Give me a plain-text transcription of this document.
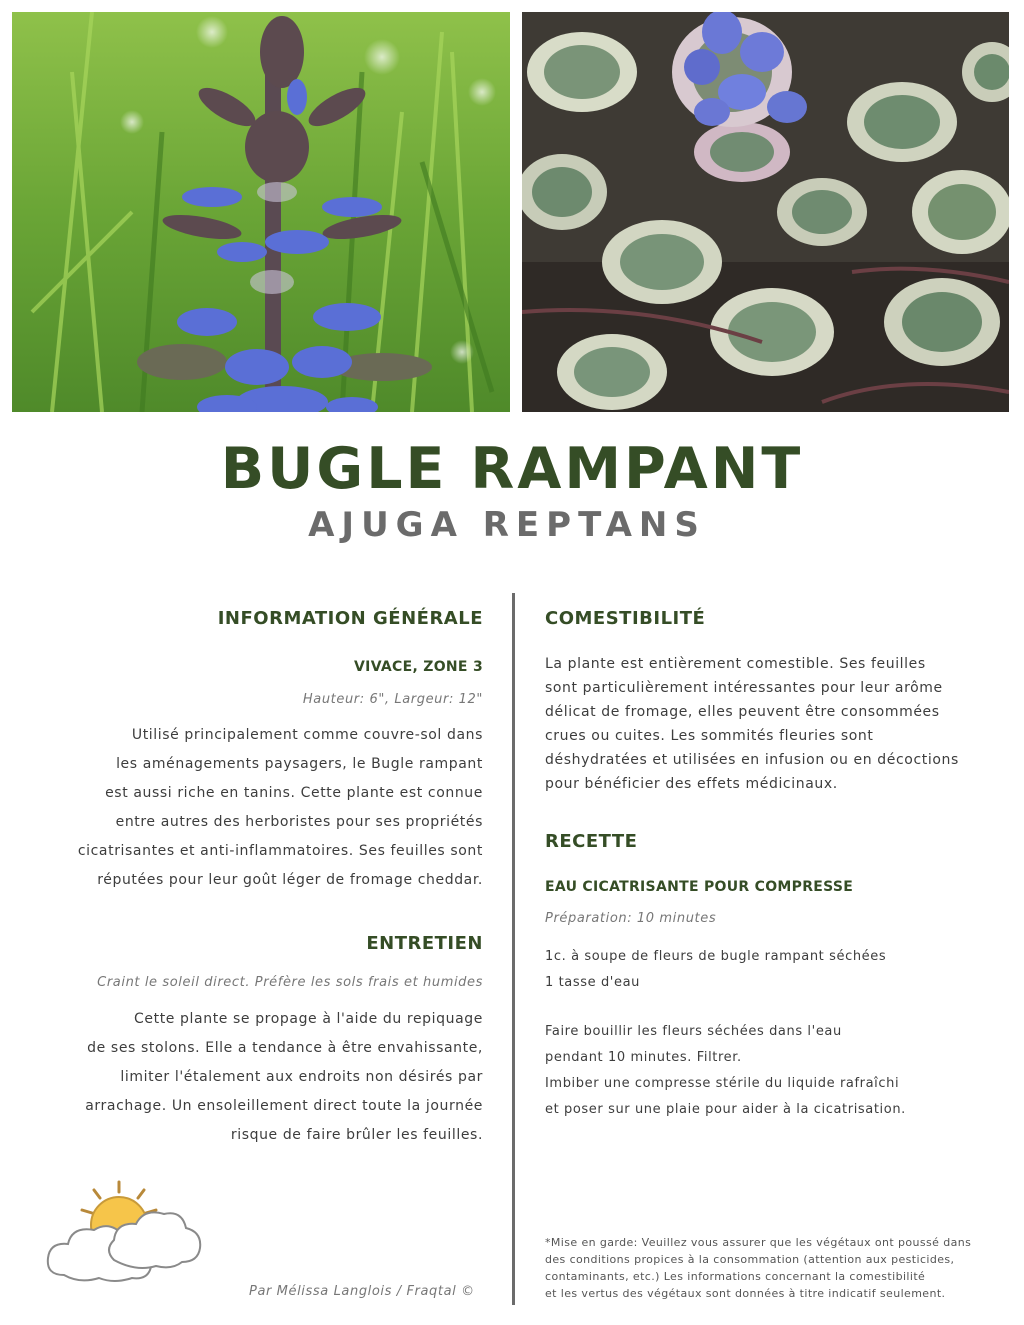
BUGLE RAMPANT
AJUGA REPTANS
INFORMATION GÉNÉRALE
VIVACE, ZONE 3
Hauteur: 6", Largeur: 12"
Utilisé principalement comme couvre-sol dans
les aménagements paysagers, le Bugle rampant
est aussi riche en tanins. Cette plante est connue
entre autres des herboristes pour ses propriétés
cicatrisantes et anti-inflammatoires. Ses feuilles sont
réputées pour leur goût léger de fromage cheddar.
ENTRETIEN
Craint le soleil direct. Préfère les sols frais et humides
Cette plante se propage à l'aide du repiquage
de ses stolons. Elle a tendance à être envahissante,
limiter l'étalement aux endroits non désirés par
arrachage. Un ensoleillement direct toute la journée
risque de faire brûler les feuilles.
Par Mélissa Langlois / Fraqtal ©
COMESTIBILITÉ
La plante est entièrement comestible. Ses feuilles
sont particulièrement intéressantes pour leur arôme
délicat de fromage, elles peuvent être consommées
crues ou cuites. Les sommités fleuries sont
déshydratées et utilisées en infusion ou en décoctions
pour bénéficier des effets médicinaux.
RECETTE
EAU CICATRISANTE POUR COMPRESSE
Préparation: 10 minutes
1c. à soupe de fleurs de bugle rampant séchées
1 tasse d'eau
Faire bouillir les fleurs séchées dans l'eau
pendant 10 minutes. Filtrer.
Imbiber une compresse stérile du liquide rafraîchi
et poser sur une plaie pour aider à la cicatrisation.
*Mise en garde: Veuillez vous assurer que les végétaux ont poussé dans
des conditions propices à la consommation (attention aux pesticides,
contaminants, etc.) Les informations concernant la comestibilité
et les vertus des végétaux sont données à titre indicatif seulement.
